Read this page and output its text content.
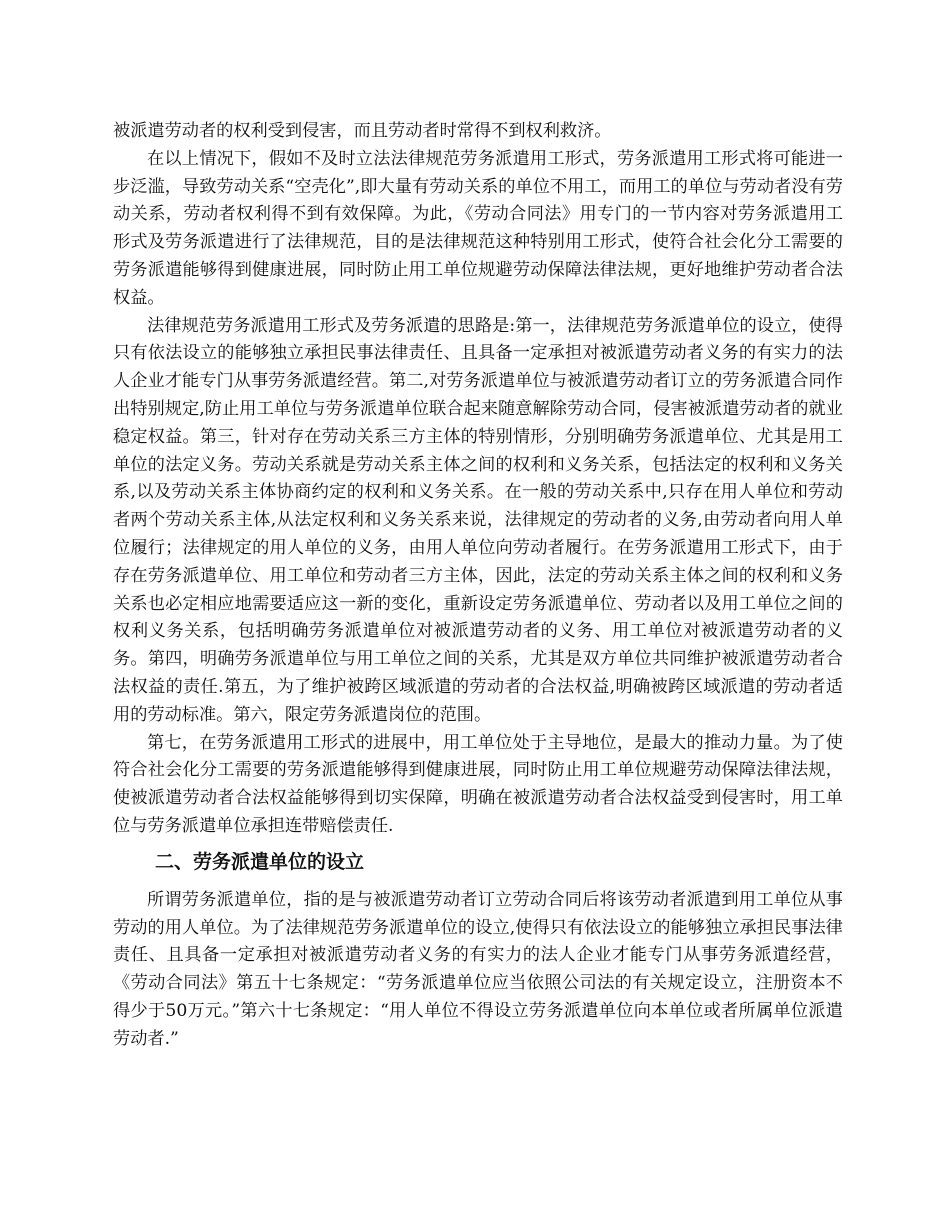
被派遣劳动者的权利受到侵害，而且劳动者时常得不到权利救济。

在以上情况下，假如不及时立法法律规范劳务派遣用工形式，劳务派遣用工形式将可能进一步泛滥，导致劳动关系“空壳化”,即大量有劳动关系的单位不用工，而用工的单位与劳动者没有劳动关系，劳动者权利得不到有效保障。为此，《劳动合同法》用专门的一节内容对劳务派遣用工形式及劳务派遣进行了法律规范，目的是法律规范这种特别用工形式，使符合社会化分工需要的劳务派遣能够得到健康进展，同时防止用工单位规避劳动保障法律法规，更好地维护劳动者合法权益。

法律规范劳务派遣用工形式及劳务派遣的思路是:第一，法律规范劳务派遣单位的设立，使得只有依法设立的能够独立承担民事法律责任、且具备一定承担对被派遣劳动者义务的有实力的法人企业才能专门从事劳务派遣经营。第二,对劳务派遣单位与被派遣劳动者订立的劳务派遣合同作出特别规定,防止用工单位与劳务派遣单位联合起来随意解除劳动合同，侵害被派遣劳动者的就业稳定权益。第三，针对存在劳动关系三方主体的特别情形，分别明确劳务派遣单位、尤其是用工单位的法定义务。劳动关系就是劳动关系主体之间的权利和义务关系，包括法定的权利和义务关系,以及劳动关系主体协商约定的权利和义务关系。在一般的劳动关系中,只存在用人单位和劳动者两个劳动关系主体,从法定权利和义务关系来说，法律规定的劳动者的义务,由劳动者向用人单位履行；法律规定的用人单位的义务，由用人单位向劳动者履行。在劳务派遣用工形式下，由于存在劳务派遣单位、用工单位和劳动者三方主体，因此，法定的劳动关系主体之间的权利和义务关系也必定相应地需要适应这一新的变化，重新设定劳务派遣单位、劳动者以及用工单位之间的权利义务关系，包括明确劳务派遣单位对被派遣劳动者的义务、用工单位对被派遣劳动者的义务。第四，明确劳务派遣单位与用工单位之间的关系，尤其是双方单位共同维护被派遣劳动者合法权益的责任.第五，为了维护被跨区域派遣的劳动者的合法权益,明确被跨区域派遣的劳动者适用的劳动标准。第六，限定劳务派遣岗位的范围。

第七，在劳务派遣用工形式的进展中，用工单位处于主导地位，是最大的推动力量。为了使符合社会化分工需要的劳务派遣能够得到健康进展，同时防止用工单位规避劳动保障法律法规，使被派遣劳动者合法权益能够得到切实保障，明确在被派遣劳动者合法权益受到侵害时，用工单位与劳务派遣单位承担连带赔偿责任.

二、劳务派遣单位的设立

所谓劳务派遣单位，指的是与被派遣劳动者订立劳动合同后将该劳动者派遣到用工单位从事劳动的用人单位。为了法律规范劳务派遣单位的设立,使得只有依法设立的能够独立承担民事法律责任、且具备一定承担对被派遣劳动者义务的有实力的法人企业才能专门从事劳务派遣经营，《劳动合同法》第五十七条规定：“劳务派遣单位应当依照公司法的有关规定设立，注册资本不得少于50万元。”第六十七条规定：“用人单位不得设立劳务派遣单位向本单位或者所属单位派遣劳动者.”
